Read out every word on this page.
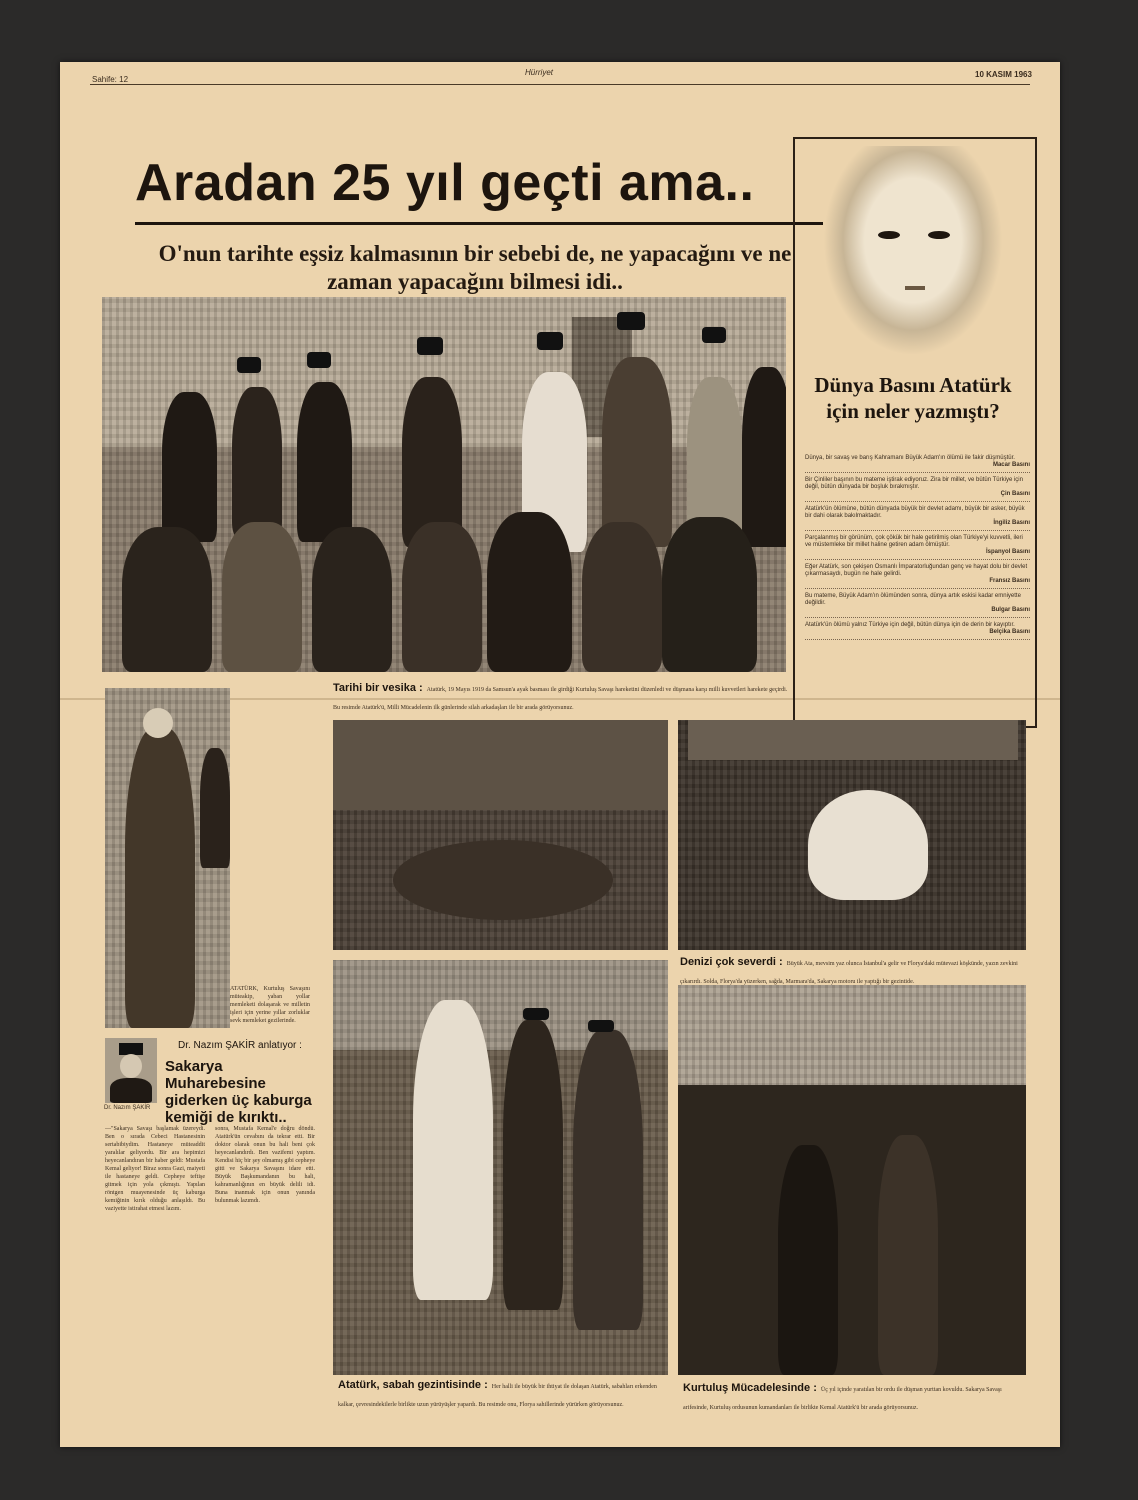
Sahife: 12
Hürriyet	10 KASIM 1963
Aradan 25 yıl geçti ama..
O'nun tarihte eşsiz kalmasının bir sebebi de, ne yapacağını ve ne zaman yapacağını bilmesi idi..
Dünya Basını Atatürk için neler yazmıştı?
Dünya, bir savaş ve barış Kahramanı Büyük Adam'ın ölümü ile fakir düşmüştür.
Macar Basını
Bir Çinliler başının bu mateme iştirak ediyoruz. Zira bir millet, ve bütün Türkiye için değil, bütün dünyada bir boşluk bırakmıştır.
Çin Basını
Atatürk'ün ölümüne, bütün dünyada büyük bir devlet adamı, büyük bir asker, büyük bir dahi olarak bakılmaktadır.
İngiliz Basını
Parçalanmış bir görünüm, çok çökük bir hale getirilmiş olan Türkiye'yi kuvvetli, ileri ve müstemleke bir millet haline getiren adam ölmüştür.
İspanyol Basını
Eğer Atatürk, son çekişen Osmanlı İmparatorluğundan genç ve hayat dolu bir devlet çıkarmasaydı, bugün ne hale gelirdi.
Fransız Basını
Bu mateme, Büyük Adam'ın ölümünden sonra, dünya artık eskisi kadar emniyette değildir.
Bulgar Basını
Atatürk'ün ölümü yalnız Türkiye için değil, bütün dünya için de derin bir kayıptır.
Belçika Basını
Tarihi bir vesika : Atatürk, 19 Mayıs 1919 da Samsun'a ayak basması ile girdiği Kurtuluş Savaşı hareketini düzenledi ve düşmana karşı milli kuvvetleri harekete geçirdi. Bu resimde Atatürk'ü, Milli Mücadelenin ilk günlerinde silah arkadaşları ile bir arada görüyorsunuz.
ATATÜRK, Kurtuluş Savaşını müteakip, yaban yollar memleketi dolaşarak ve milletin işleri için yerine yıllar zorluklar sevk memleket gezilerinde.
Denizi çok severdi : Büyük Ata, mevsim yaz olunca İstanbul'a gelir ve Florya'daki mütevazi köşkünde, yazın zevkini çıkarırdı. Solda, Florya'da yüzerken, sağda, Marmara'da, Sakarya motoru ile yaptığı bir gezintide.
Atatürk, sabah gezintisinde : Her halli ile büyük bir ihtiyat ile dolaşan Atatürk, sabahları erkenden kalkar, çevresindekilerle birlikte uzun yürüyüşler yapardı. Bu resimde onu, Florya sahillerinde yürürken görüyorsunuz.
Kurtuluş Mücadelesinde : Üç yıl içinde yaratılan bir ordu ile düşman yurttan kovuldu. Sakarya Savaşı arifesinde, Kurtuluş ordusunun kumandanları ile birlikte Kemal Atatürk'ü bir arada görüyorsunuz.
Dr. Nazım ŞAKİR anlatıyor :
Dr. Nazım ŞAKİR
Sakarya Muharebesine giderken üç kaburga kemiği de kırıktı..
—"Sakarya Savaşı başlamak üzereydi. Ben o sırada Cebeci Hastanesinin sertabibiydim. Hastaneye müteaddit yaralılar geliyordu. Bir ara hepimizi heyecanlandıran bir haber geldi: Mustafa Kemal geliyor! Biraz sonra Gazi, maiyeti ile hastaneye geldi. Cepheye teftişe gitmek için yola çıkmıştı. Yapılan röntgen muayenesinde üç kaburga kemiğinin kırık olduğu anlaşıldı. Bu vaziyette istirahat etmesi lazım.
sonra, Mustafa Kemal'e doğru döndü. Atatürk'ün cevabını da tekrar etti. Bir doktor olarak onun bu hali beni çok heyecanlandırdı. Ben vazifemi yaptım. Kendisi hiç bir şey olmamış gibi cepheye gitti ve Sakarya Savaşını idare etti. Büyük Başkumandanın bu hali, kahramanlığının en büyük delili idi. Buna inanmak için onun yanında bulunmak lazımdı.
